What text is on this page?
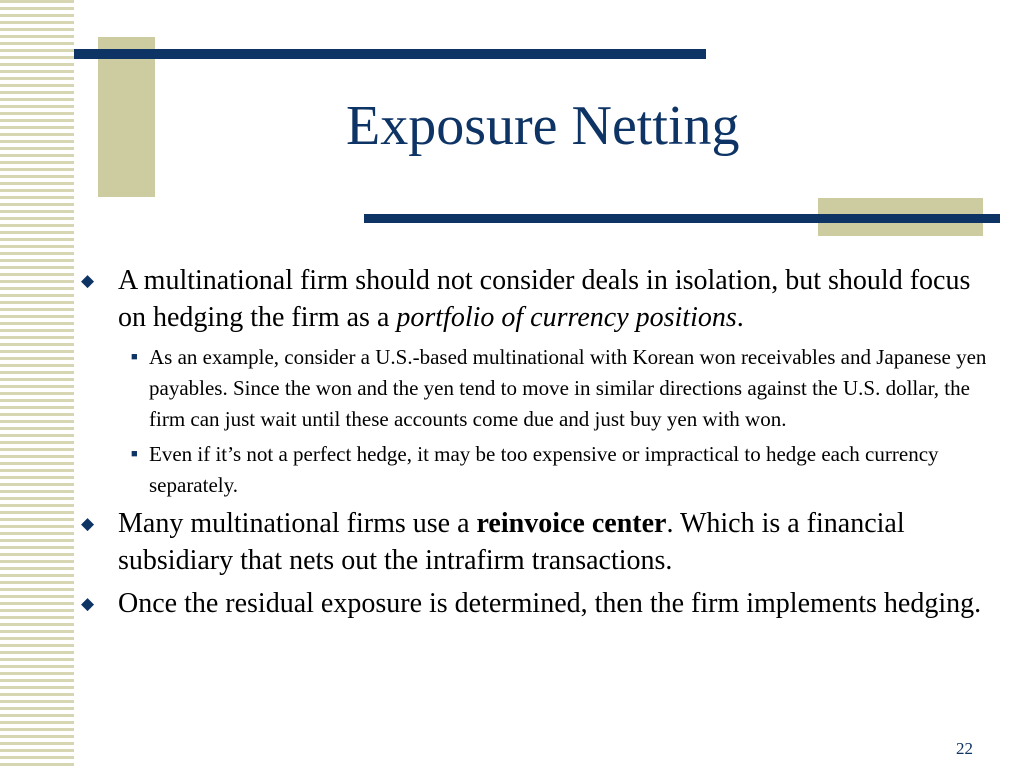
Exposure Netting
◆ A multinational firm should not consider deals in isolation, but should focus on hedging the firm as a portfolio of currency positions.
■ As an example, consider a U.S.-based multinational with Korean won receivables and Japanese yen payables. Since the won and the yen tend to move in similar directions against the U.S. dollar, the firm can just wait until these accounts come due and just buy yen with won.
■ Even if it’s not a perfect hedge, it may be too expensive or impractical to hedge each currency separately.
◆ Many multinational firms use a reinvoice center. Which is a financial subsidiary that nets out the intrafirm transactions.
◆ Once the residual exposure is determined, then the firm implements hedging.
22
